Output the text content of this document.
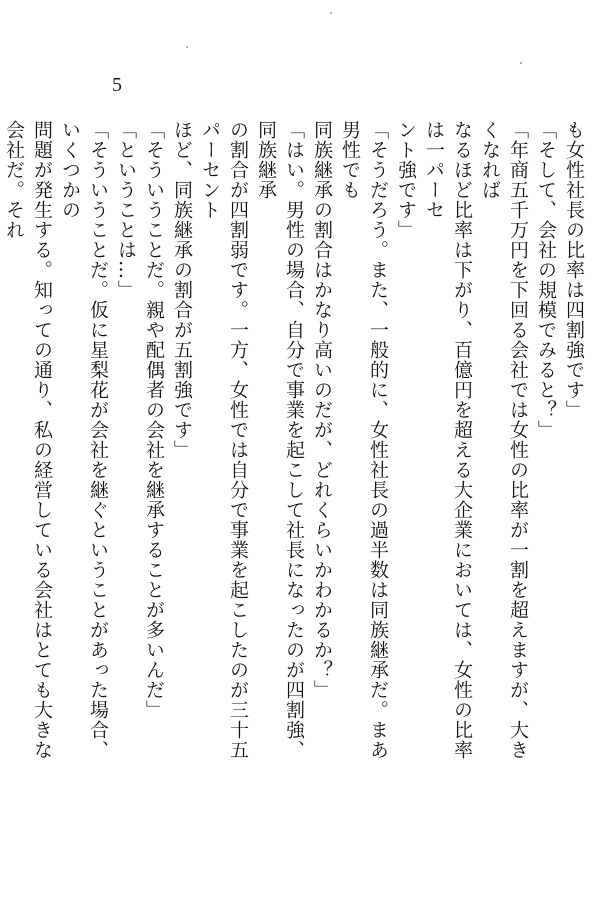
5

も女性社長の比率は四割強です」

「そして、会社の規模でみると？」

「年商五千万円を下回る会社では女性の比率が一割を超えますが、大きくなれば

なるほど比率は下がり、百億円を超える大企業においては、女性の比率は一パーセ

ント強です」

「そうだろう。また、一般的に、女性社長の過半数は同族継承だ。まあ男性でも

同族継承の割合はかなり高いのだが、どれくらいかわかるか？」

「はい。男性の場合、自分で事業を起こして社長になったのが四割強、同族継承

の割合が四割弱です。一方、女性では自分で事業を起こしたのが三十五パーセント

ほど、同族継承の割合が五割強です」

「そういうことだ。親や配偶者の会社を継承することが多いんだ」

「ということは…」

「そういうことだ。仮に星梨花が会社を継ぐということがあった場合、いくつかの

問題が発生する。知っての通り、私の経営している会社はとても大きな会社だ。それ
